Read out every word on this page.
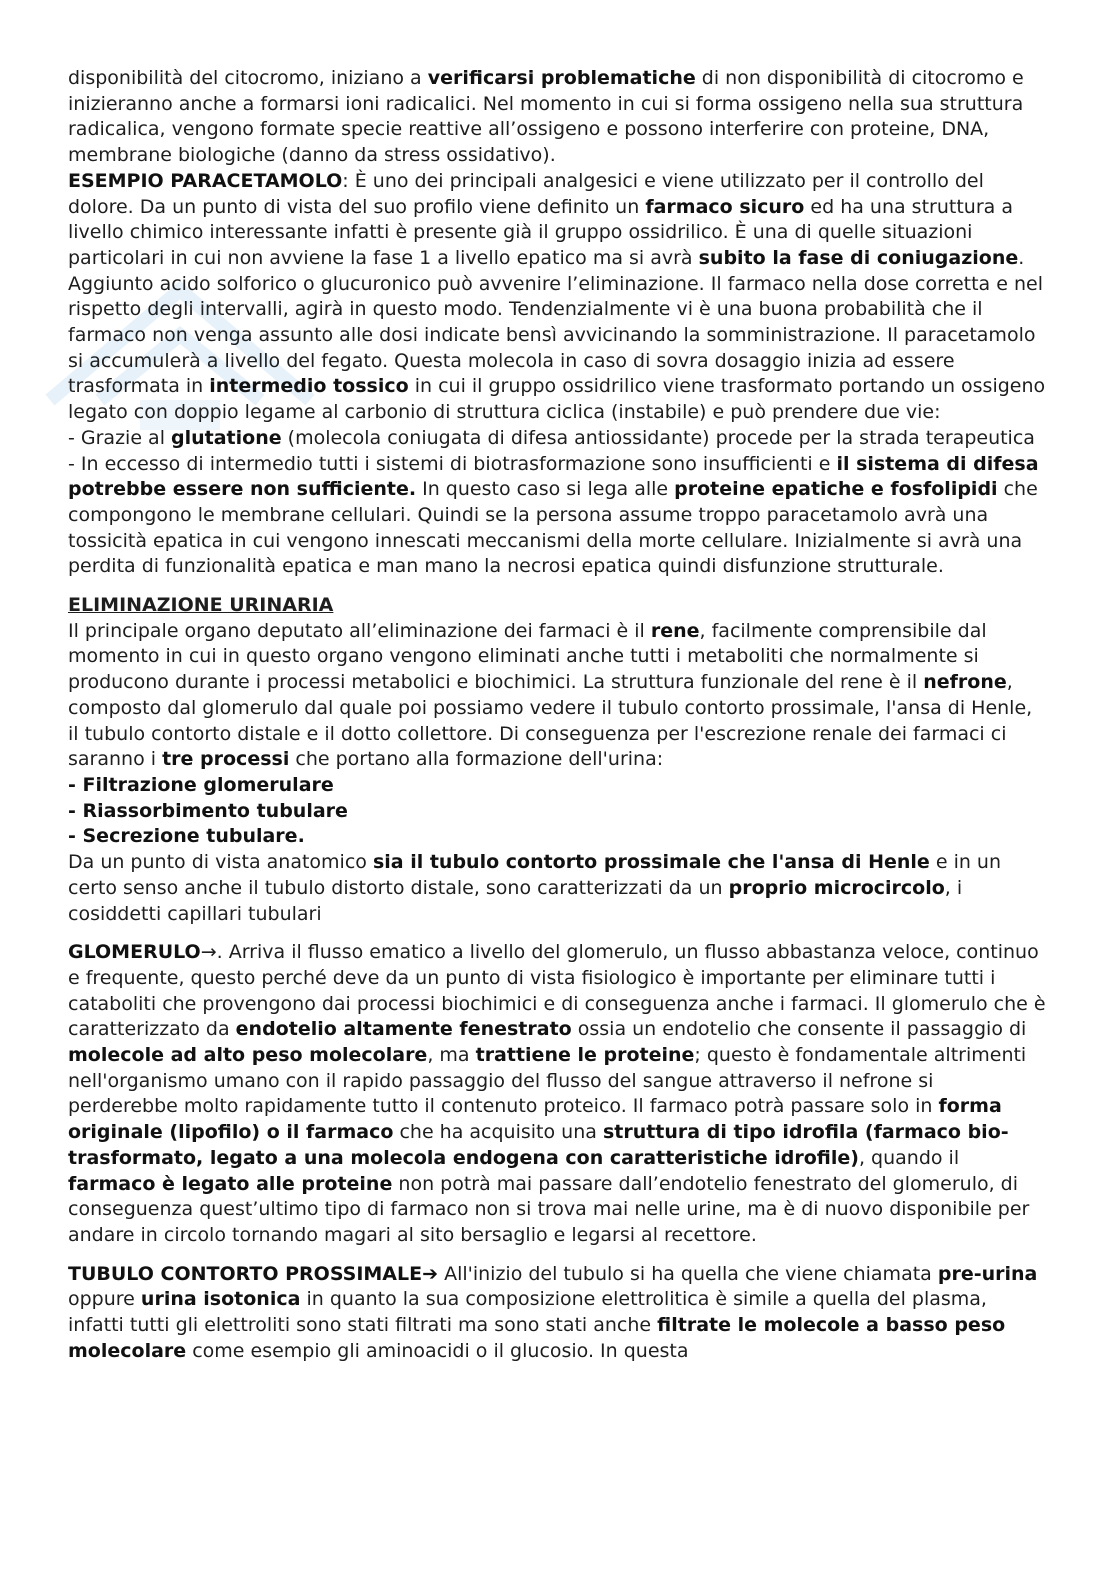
disponibilità del citocromo, iniziano a verificarsi problematiche di non disponibilità di citocromo e inizieranno anche a formarsi ioni radicalici. Nel momento in cui si forma ossigeno nella sua struttura radicalica, vengono formate specie reattive all’ossigeno e possono interferire con proteine, DNA, membrane biologiche (danno da stress ossidativo).

ESEMPIO PARACETAMOLO: È uno dei principali analgesici e viene utilizzato per il controllo del dolore. Da un punto di vista del suo profilo viene definito un farmaco sicuro ed ha una struttura a livello chimico interessante infatti è presente già il gruppo ossidrilico. È una di quelle situazioni particolari in cui non avviene la fase 1 a livello epatico ma si avrà subito la fase di coniugazione. Aggiunto acido solforico o glucuronico può avvenire l’eliminazione. Il farmaco nella dose corretta e nel rispetto degli intervalli, agirà in questo modo. Tendenzialmente vi è una buona probabilità che il farmaco non venga assunto alle dosi indicate bensì avvicinando la somministrazione. Il paracetamolo si accumulerà a livello del fegato. Questa molecola in caso di sovra dosaggio inizia ad essere trasformata in intermedio tossico in cui il gruppo ossidrilico viene trasformato portando un ossigeno legato con doppio legame al carbonio di struttura ciclica (instabile) e può prendere due vie:

- Grazie al glutatione (molecola coniugata di difesa antiossidante) procede per la strada terapeutica

- In eccesso di intermedio tutti i sistemi di biotrasformazione sono insufficienti e il sistema di difesa potrebbe essere non sufficiente. In questo caso si lega alle proteine epatiche e fosfolipidi che compongono le membrane cellulari. Quindi se la persona assume troppo paracetamolo avrà una tossicità epatica in cui vengono innescati meccanismi della morte cellulare. Inizialmente si avrà una perdita di funzionalità epatica e man mano la necrosi epatica quindi disfunzione strutturale.

ELIMINAZIONE URINARIA

Il principale organo deputato all’eliminazione dei farmaci è il rene, facilmente comprensibile dal momento in cui in questo organo vengono eliminati anche tutti i metaboliti che normalmente si producono durante i processi metabolici e biochimici. La struttura funzionale del rene è il nefrone, composto dal glomerulo dal quale poi possiamo vedere il tubulo contorto prossimale, l'ansa di Henle, il tubulo contorto distale e il dotto collettore. Di conseguenza per l'escrezione renale dei farmaci ci saranno i tre processi che portano alla formazione dell'urina:

- Filtrazione glomerulare

- Riassorbimento tubulare

- Secrezione tubulare.

Da un punto di vista anatomico sia il tubulo contorto prossimale che l'ansa di Henle e in un certo senso anche il tubulo distorto distale, sono caratterizzati da un proprio microcircolo, i cosiddetti capillari tubulari

GLOMERULO→. Arriva il flusso ematico a livello del glomerulo, un flusso abbastanza veloce, continuo e frequente, questo perché deve da un punto di vista fisiologico è importante per eliminare tutti i cataboliti che provengono dai processi biochimici e di conseguenza anche i farmaci. Il glomerulo che è caratterizzato da endotelio altamente fenestrato ossia un endotelio che consente il passaggio di molecole ad alto peso molecolare, ma trattiene le proteine; questo è fondamentale altrimenti nell'organismo umano con il rapido passaggio del flusso del sangue attraverso il nefrone si perderebbe molto rapidamente tutto il contenuto proteico. Il farmaco potrà passare solo in forma originale (lipofilo) o il farmaco che ha acquisito una struttura di tipo idrofila (farmaco bio-trasformato, legato a una molecola endogena con caratteristiche idrofile), quando il farmaco è legato alle proteine non potrà mai passare dall’endotelio fenestrato del glomerulo, di conseguenza quest’ultimo tipo di farmaco non si trova mai nelle urine, ma è di nuovo disponibile per andare in circolo tornando magari al sito bersaglio e legarsi al recettore.

TUBULO CONTORTO PROSSIMALE➔ All'inizio del tubulo si ha quella che viene chiamata pre-urina oppure urina isotonica in quanto la sua composizione elettrolitica è simile a quella del plasma, infatti tutti gli elettroliti sono stati filtrati ma sono stati anche filtrate le molecole a basso peso molecolare come esempio gli aminoacidi o il glucosio. In questa
